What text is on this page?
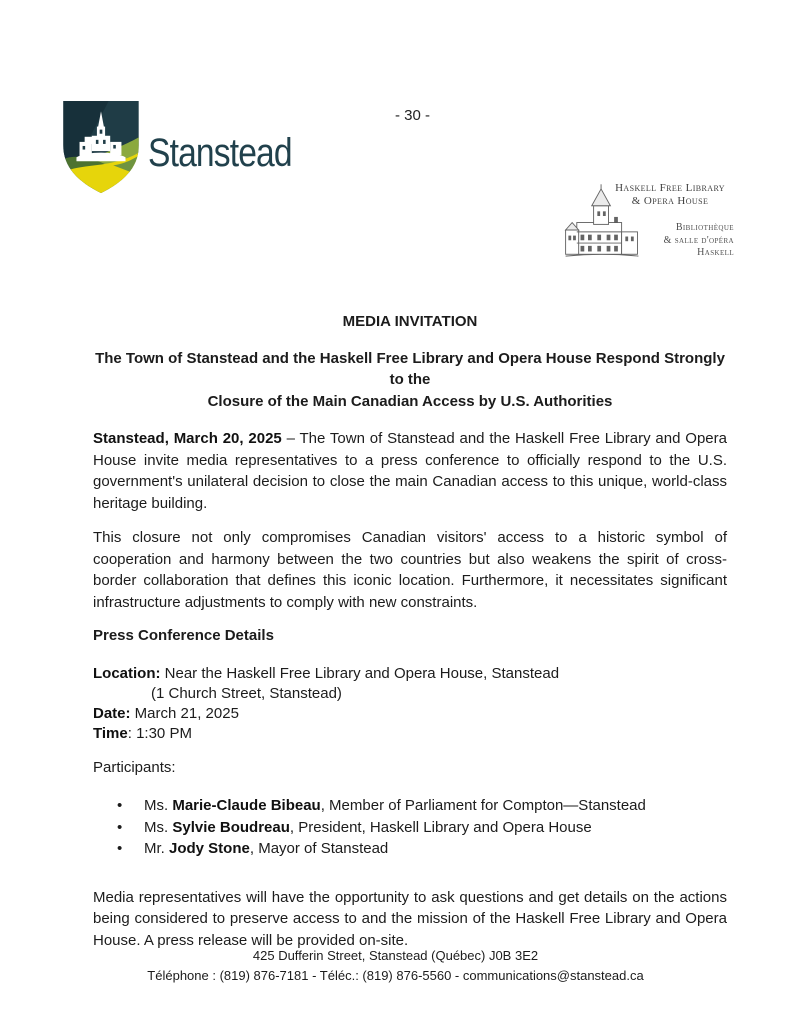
- 30 -
Stanstead
Haskell Free Library
& Opera House
Bibliothèque
& salle d'opéra
Haskell
MEDIA INVITATION
The Town of Stanstead and the Haskell Free Library and Opera House Respond Strongly to the
Closure of the Main Canadian Access by U.S. Authorities

Stanstead, March 20, 2025 – The Town of Stanstead and the Haskell Free Library and Opera House invite media representatives to a press conference to officially respond to the U.S. government's unilateral decision to close the main Canadian access to this unique, world-class heritage building.

This closure not only compromises Canadian visitors' access to a historic symbol of cooperation and harmony between the two countries but also weakens the spirit of cross-border collaboration that defines this iconic location. Furthermore, it necessitates significant infrastructure adjustments to comply with new constraints.

Press Conference Details
Location: Near the Haskell Free Library and Opera House, Stanstead
(1 Church Street, Stanstead)
Date: March 21, 2025
Time: 1:30 PM
Participants:
• Ms. Marie-Claude Bibeau, Member of Parliament for Compton—Stanstead
• Ms. Sylvie Boudreau, President, Haskell Library and Opera House
• Mr. Jody Stone, Mayor of Stanstead

Media representatives will have the opportunity to ask questions and get details on the actions being considered to preserve access to and the mission of the Haskell Free Library and Opera House. A press release will be provided on-site.

425 Dufferin Street, Stanstead (Québec) J0B 3E2
Téléphone : (819) 876-7181 - Téléc.: (819) 876-5560 - communications@stanstead.ca
